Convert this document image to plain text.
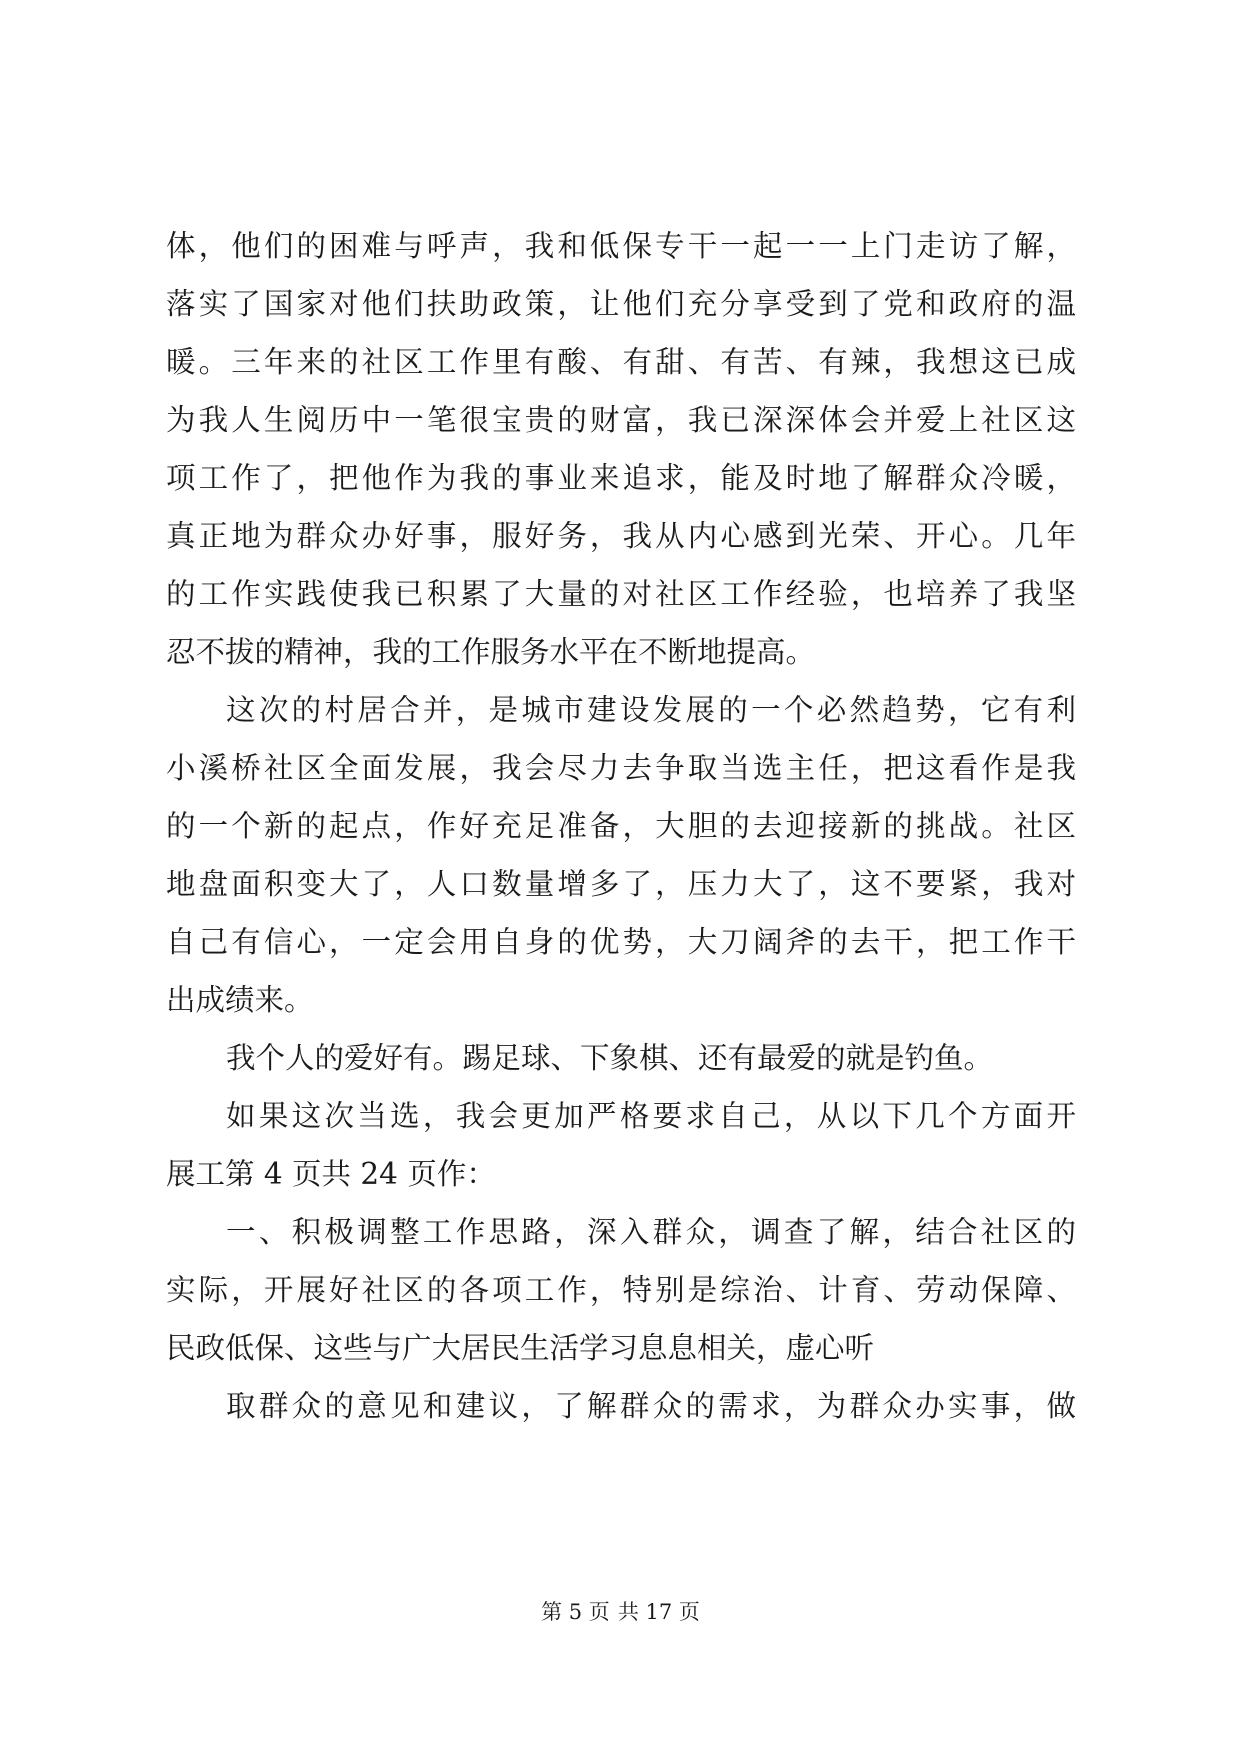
体，他们的困难与呼声，我和低保专干一起一一上门走访了解，
落实了国家对他们扶助政策，让他们充分享受到了党和政府的温
暖。三年来的社区工作里有酸、有甜、有苦、有辣，我想这已成
为我人生阅历中一笔很宝贵的财富，我已深深体会并爱上社区这
项工作了，把他作为我的事业来追求，能及时地了解群众冷暖，
真正地为群众办好事，服好务，我从内心感到光荣、开心。几年
的工作实践使我已积累了大量的对社区工作经验，也培养了我坚
忍不拔的精神，我的工作服务水平在不断地提高。
这次的村居合并，是城市建设发展的一个必然趋势，它有利
小溪桥社区全面发展，我会尽力去争取当选主任，把这看作是我
的一个新的起点，作好充足准备，大胆的去迎接新的挑战。社区
地盘面积变大了，人口数量增多了，压力大了，这不要紧，我对
自己有信心，一定会用自身的优势，大刀阔斧的去干，把工作干
出成绩来。
我个人的爱好有。踢足球、下象棋、还有最爱的就是钓鱼。
如果这次当选，我会更加严格要求自己，从以下几个方面开
展工第 4 页共 24 页作：
一、积极调整工作思路，深入群众，调查了解，结合社区的
实际，开展好社区的各项工作，特别是综治、计育、劳动保障、
民政低保、这些与广大居民生活学习息息相关，虚心听
取群众的意见和建议，了解群众的需求，为群众办实事，做
第 5 页 共 17 页
